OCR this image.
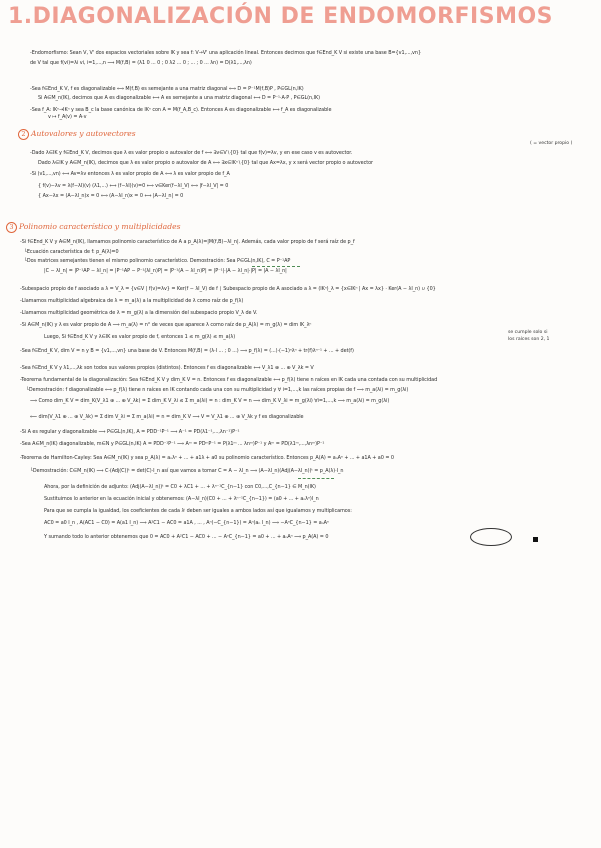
1.DIAGONALIZACIÓN DE ENDOMORFISMOS
-Endomorfismo: Sean V, V' dos espacios vectoriales sobre IK y sea f: V→V' una aplicación lineal. Entonces decimos que f∈End_K V si existe una base B={v1,...,vn}
de V tal que f(vi)=λi vi, i=1,...,n ⟹ M(f,B) = (λ1 0 ... 0 ; 0 λ2 ... 0 ; ... ; 0 ... λn) = D(λ1,...,λn)
-Sea f∈End_K V, f es diagonalizable ⟺ M(f,B) es semejante a una matriz diagonal ⟺ D = P⁻¹M(f,B)P , P∈GL(n,IK)
Si A∈M_n(IK), decimos que A es diagonalizable ⟺ A es semejante a una matriz diagonal ⟺ D = P⁻¹·A·P , P∈GL(n,IK)
-Sea f_A: IKⁿ→IKⁿ y sea B_c la base canónica de IKⁿ con A = M(f_A,B_c). Entonces A es diagonalizable ⟺ f_A es diagonalizable
v ↦ f_A(v) = A·v
2 Autovalores y autovectores
( = vector propio )
-Dado λ∈IK y f∈End_K V, decimos que λ es valor propio o autovalor de f ⟺ ∃v∈V∖{0} tal que f(v)=λv, y en ese caso v es autovector.
Dado λ∈IK y A∈M_n(IK), decimos que λ es valor propio o autovalor de A ⟺ ∃x∈IKⁿ∖{0} tal que Ax=λx, y x será vector propio o autovector
-Si (v1,...,vn) ⟺ Av=λv entonces λ es valor propio de A ⟺ λ es valor propio de f_A
{ f(v)−λv = λ(f−λI)(v) (λ1,...) ⟺ (f−λI)(v)=0 ⟺ v∈Ker(f−λI_V) ⟺ |f−λI_V| = 0
{ Ax−λx = (A−λI_n)x = 0 ⟺ (A−λI_n)x = 0 ⟺ |A−λI_n| = 0
3 Polinomio característico y multiplicidades
-Si f∈End_K V y A∈M_n(IK), llamamos polinomio característico de A a p_A(λ)=|M(f,B)−λI_n|. Además, cada valor propio de f será raíz de p_f
└Ecuación característica de f: p_A(λ)=0
└Dos matrices semejantes tienen el mismo polinomio característico. Demostración: Sea P∈GL(n,IK), C = P⁻¹AP
|C − λI_n| = |P⁻¹AP − λI_n| = |P⁻¹AP − P⁻¹(λI_n)P| = |P⁻¹(A − λI_n)P| = |P⁻¹|·|A − λI_n|·|P| = |A − λI_n|
-Subespacio propio de f asociado a λ = V_λ = {v∈V | f(v)=λv} = Ker(f − λI_V) de f ∣ Subespacio propio de A asociado a λ = (IKⁿ)_λ = {x∈IKⁿ | Ax = λx} · Ker(A − λI_n) ∪ {0}
-Llamamos multiplicidad algebraica de λ = m_a(λ) a la multiplicidad de λ como raíz de p_f(λ)
-Llamamos multiplicidad geométrica de λ = m_g(λ) a la dimensión del subespacio propio V_λ de V.
-Si A∈M_n(IK) y λ es valor propio de A ⟹ m_a(λ) = n° de veces que aparece λ como raíz de p_A(λ) = m_g(λ) = dim IK_λⁿ
Luego, Si f∈End_K V y λ∈IK es valor propio de f, entonces 1 ≤ m_g(λ) ≤ m_a(λ)
se cumple solo si
los raíces son 2, 1
-Sea f∈End_K V, dim V = n y B = {v1,...,vn} una base de V. Entonces M(f,B) = (λ·I ... ; 0 ...) ⟹ p_f(λ) = (...)·(−1)ⁿλⁿ + tr(f)λⁿ⁻¹ + ... + det(f)
-Sea f∈End_K V y λ1,...,λk son todos sus valores propios (distintos). Entonces f es diagonalizable ⟺ V_λ1 ⊕ ... ⊕ V_λk = V
-Teorema fundamental de la diagonalización: Sea f∈End_K V y dim_K V = n. Entonces f es diagonalizable ⟺ p_f(λ) tiene n raíces en IK cada una contada con su multiplicidad
└Demostración: f diagonalizable ⟺ p_f(λ) tiene n raíces en IK contando cada una con su multiplicidad y ∀ i=1,...,k las raíces propias de f ⟹ m_a(λi) = m_g(λi)
⟹ Como dim_K V = dim_K(V_λ1 ⊕ ... ⊕ V_λk) = Σ dim_K V_λi ≤ Σ m_a(λi) = n : dim_K V = n ⟹ dim_K V_λi = m_g(λi) ∀i=1,...,k ⟹ m_a(λi) = m_g(λi)
⟸ dim(V_λ1 ⊕ ... ⊕ V_λk) = Σ dim V_λi = Σ m_a(λi) = n = dim_K V ⟹ V = V_λ1 ⊕ ... ⊕ V_λk y f es diagonalizable
-Si A es regular y diagonalizable ⟹ P∈GL(n,IK), A = PDD⁻¹P⁻¹ ⟹ A⁻¹ = PD(λ1⁻¹,...,λn⁻¹)P⁻¹
-Sea A∈M_n(IK) diagonalizable, m∈N y P∈GL(n,IK) A = PDD⁻¹P⁻¹ ⟹ Aᵐ = PDᵐP⁻¹ = P(λ1ᵐ ... λnᵐ)P⁻¹ y Aᵐ = PD(λ1ᵐ,...,λnᵐ)P⁻¹
-Teorema de Hamilton-Cayley: Sea A∈M_n(IK) y sea p_A(λ) = aₙλⁿ + ... + a1λ + a0 su polinomio característico. Entonces p_A(A) = aₙAⁿ + ... + a1A + a0 = 0
└Demostración: C∈M_n(IK) ⟹ C·(Adj(C))ᵗ = det(C)·I_n así que vamos a tomar C = A − λI_n ⟹ (A−λI_n)(Adj(A−λI_n))ᵗ = p_A(λ)·I_n
Ahora, por la definición de adjunto: (Adj(A−λI_n))ᵗ = C0 + λC1 + ... + λⁿ⁻¹C_{n−1} con C0,...,C_{n−1} ∈ M_n(IK)
Sustituimos lo anterior en la ecuación inicial y obtenemos: (A−λI_n)(C0 + ... + λⁿ⁻¹C_{n−1}) = (a0 + ... + aₙλⁿ)I_n
Para que se cumpla la igualdad, los coeficientes de cada λⁱ deben ser iguales a ambos lados así que igualamos y multiplicamos:
AC0 = a0 I_n , A(AC1 − C0) = A(a1 I_n) ⟹ A²C1 − AC0 = a1A , ... , Aⁿ(−C_{n−1}) = Aⁿ(aₙ I_n) ⟹ −AⁿC_{n−1} = aₙAⁿ
Y sumando todo lo anterior obtenemos que 0 = AC0 + A²C1 − AC0 + ... − AⁿC_{n−1} = a0 + ... + aₙAⁿ ⟹ p_A(A) = 0
